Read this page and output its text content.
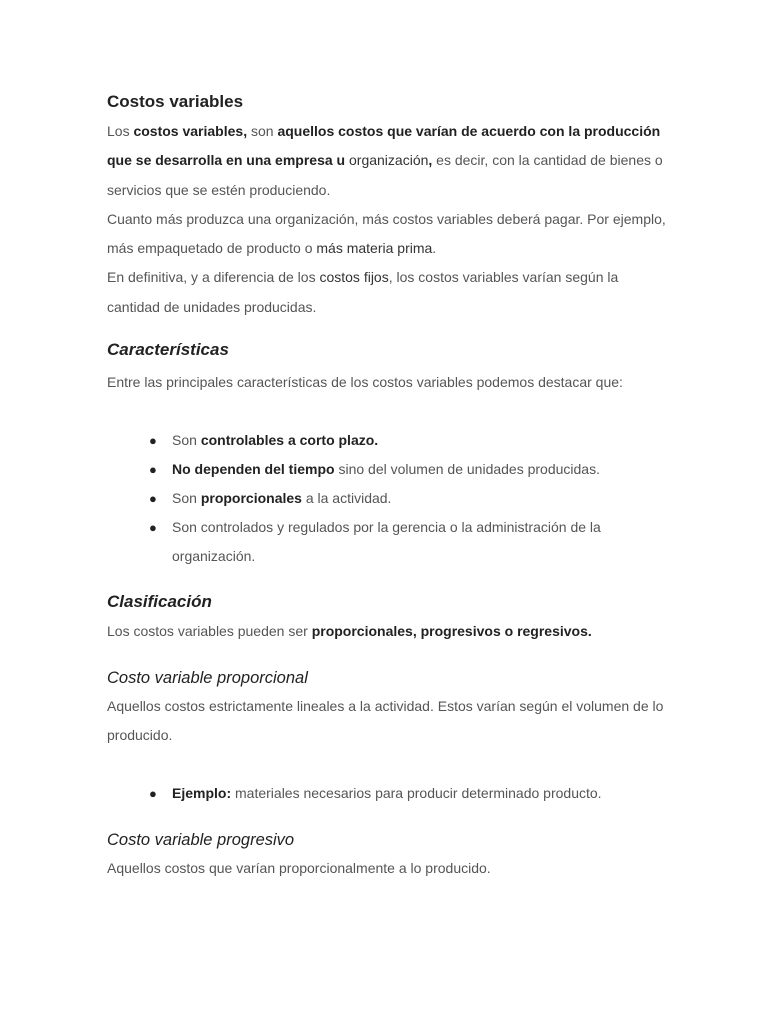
Costos variables

Los costos variables, son aquellos costos que varían de acuerdo con la producción que se desarrolla en una empresa u organización, es decir, con la cantidad de bienes o servicios que se estén produciendo.

Cuanto más produzca una organización, más costos variables deberá pagar. Por ejemplo, más empaquetado de producto o más materia prima.

En definitiva, y a diferencia de los costos fijos, los costos variables varían según la cantidad de unidades producidas.

Características

Entre las principales características de los costos variables podemos destacar que:

● Son controlables a corto plazo.
● No dependen del tiempo sino del volumen de unidades producidas.
● Son proporcionales a la actividad.
● Son controlados y regulados por la gerencia o la administración de la organización.
Clasificación

Los costos variables pueden ser proporcionales, progresivos o regresivos.

Costo variable proporcional

Aquellos costos estrictamente lineales a la actividad. Estos varían según el volumen de lo producido.

● Ejemplo: materiales necesarios para producir determinado producto.
Costo variable progresivo

Aquellos costos que varían proporcionalmente a lo producido.
